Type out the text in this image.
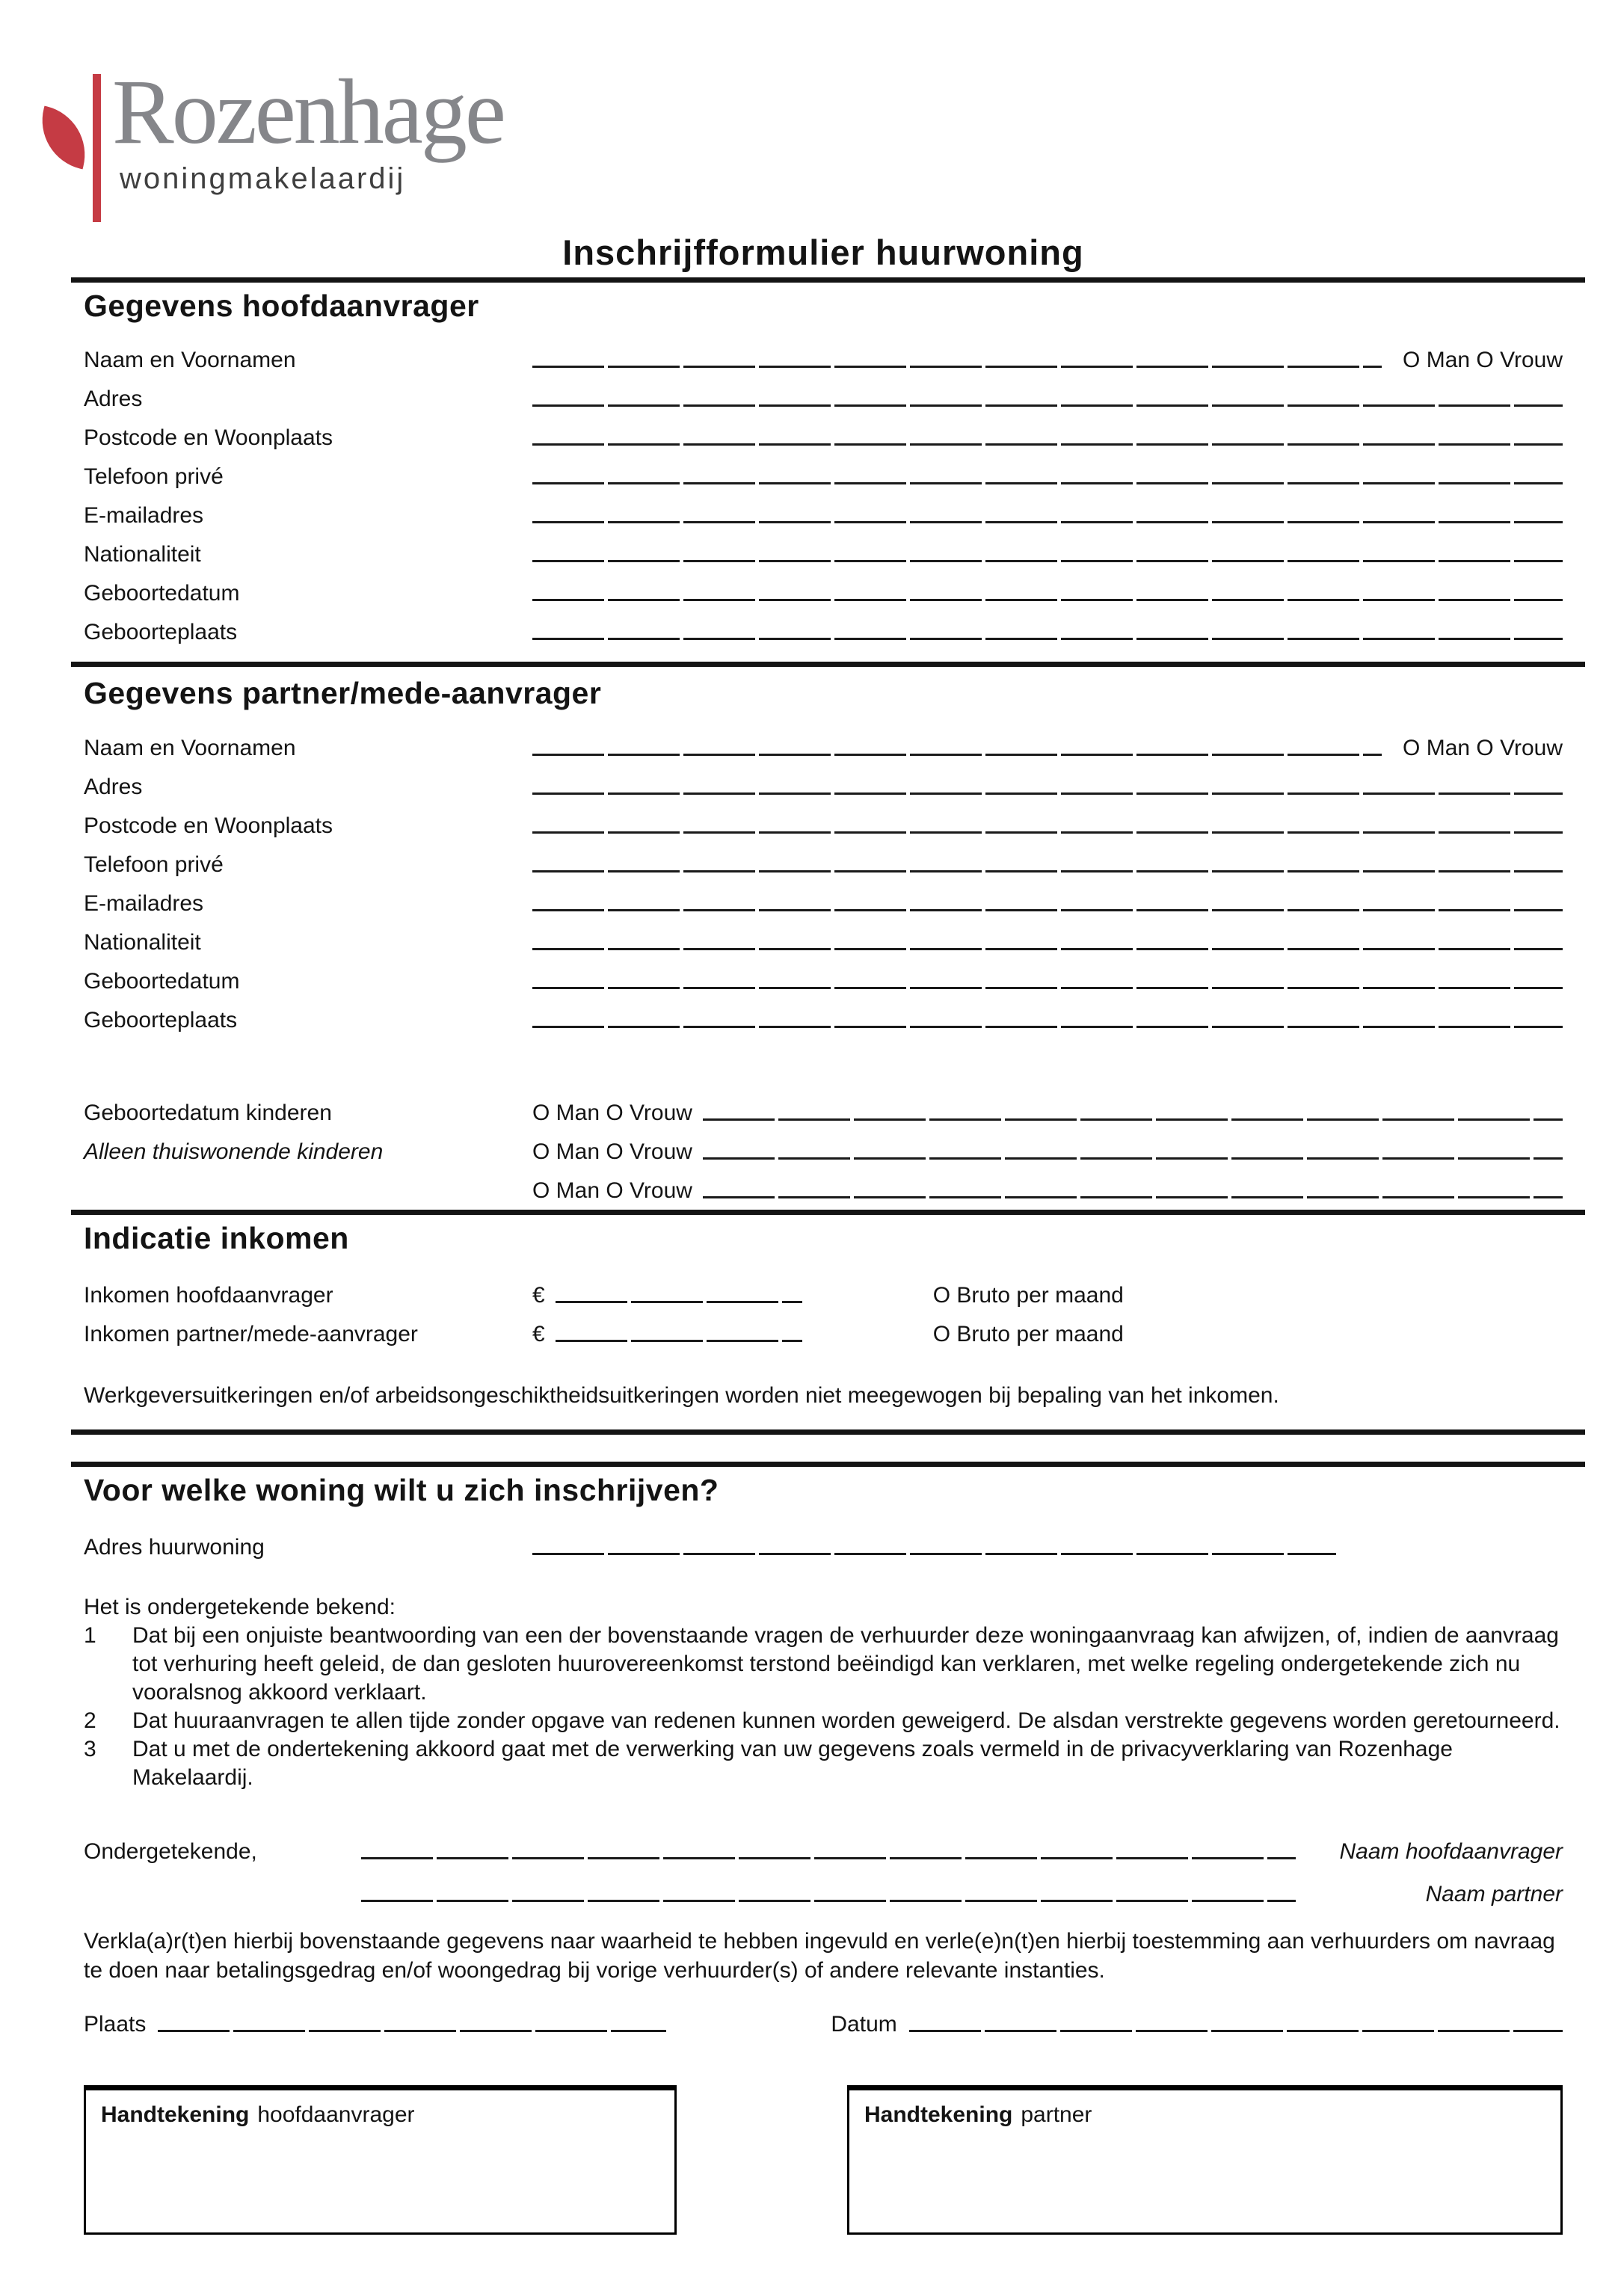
Rozenhage
woningmakelaardij
Inschrijfformulier huurwoning
Gegevens hoofdaanvrager
Naam en Voornamen	O Man O Vrouw
Adres
Postcode en Woonplaats
Telefoon privé
E-mailadres
Nationaliteit
Geboortedatum
Geboorteplaats
Gegevens partner/mede-aanvrager
Naam en Voornamen	O Man O Vrouw
Adres
Postcode en Woonplaats
Telefoon privé
E-mailadres
Nationaliteit
Geboortedatum
Geboorteplaats
Geboortedatum kinderen	O Man O Vrouw
Alleen thuiswonende kinderen	O Man O Vrouw
O Man O Vrouw
Indicatie inkomen
Inkomen hoofdaanvrager	€	O Bruto per maand
Inkomen partner/mede-aanvrager	€	O Bruto per maand
Werkgeversuitkeringen en/of arbeidsongeschiktheidsuitkeringen worden niet meegewogen bij bepaling van het inkomen.
Voor welke woning wilt u zich inschrijven?
Adres huurwoning
Het is ondergetekende bekend:
1	Dat bij een onjuiste beantwoording van een der bovenstaande vragen de verhuurder deze woningaanvraag kan afwijzen, of, indien de aanvraag tot verhuring heeft geleid, de dan gesloten huurovereenkomst terstond beëindigd kan verklaren, met welke regeling ondergetekende zich nu vooralsnog akkoord verklaart.
2	Dat huuraanvragen te allen tijde zonder opgave van redenen kunnen worden geweigerd. De alsdan verstrekte gegevens worden geretourneerd.
3	Dat u met de ondertekening akkoord gaat met de verwerking van uw gegevens zoals vermeld in de privacyverklaring van Rozenhage Makelaardij.
Ondergetekende,	Naam hoofdaanvrager
Naam partner
Verkla(a)r(t)en hierbij bovenstaande gegevens naar waarheid te hebben ingevuld en verle(e)n(t)en hierbij toestemming aan verhuurders om navraag te doen naar betalingsgedrag en/of woongedrag bij vorige verhuurder(s) of andere relevante instanties.
Plaats	Datum
Handtekening hoofdaanvrager	Handtekening partner
